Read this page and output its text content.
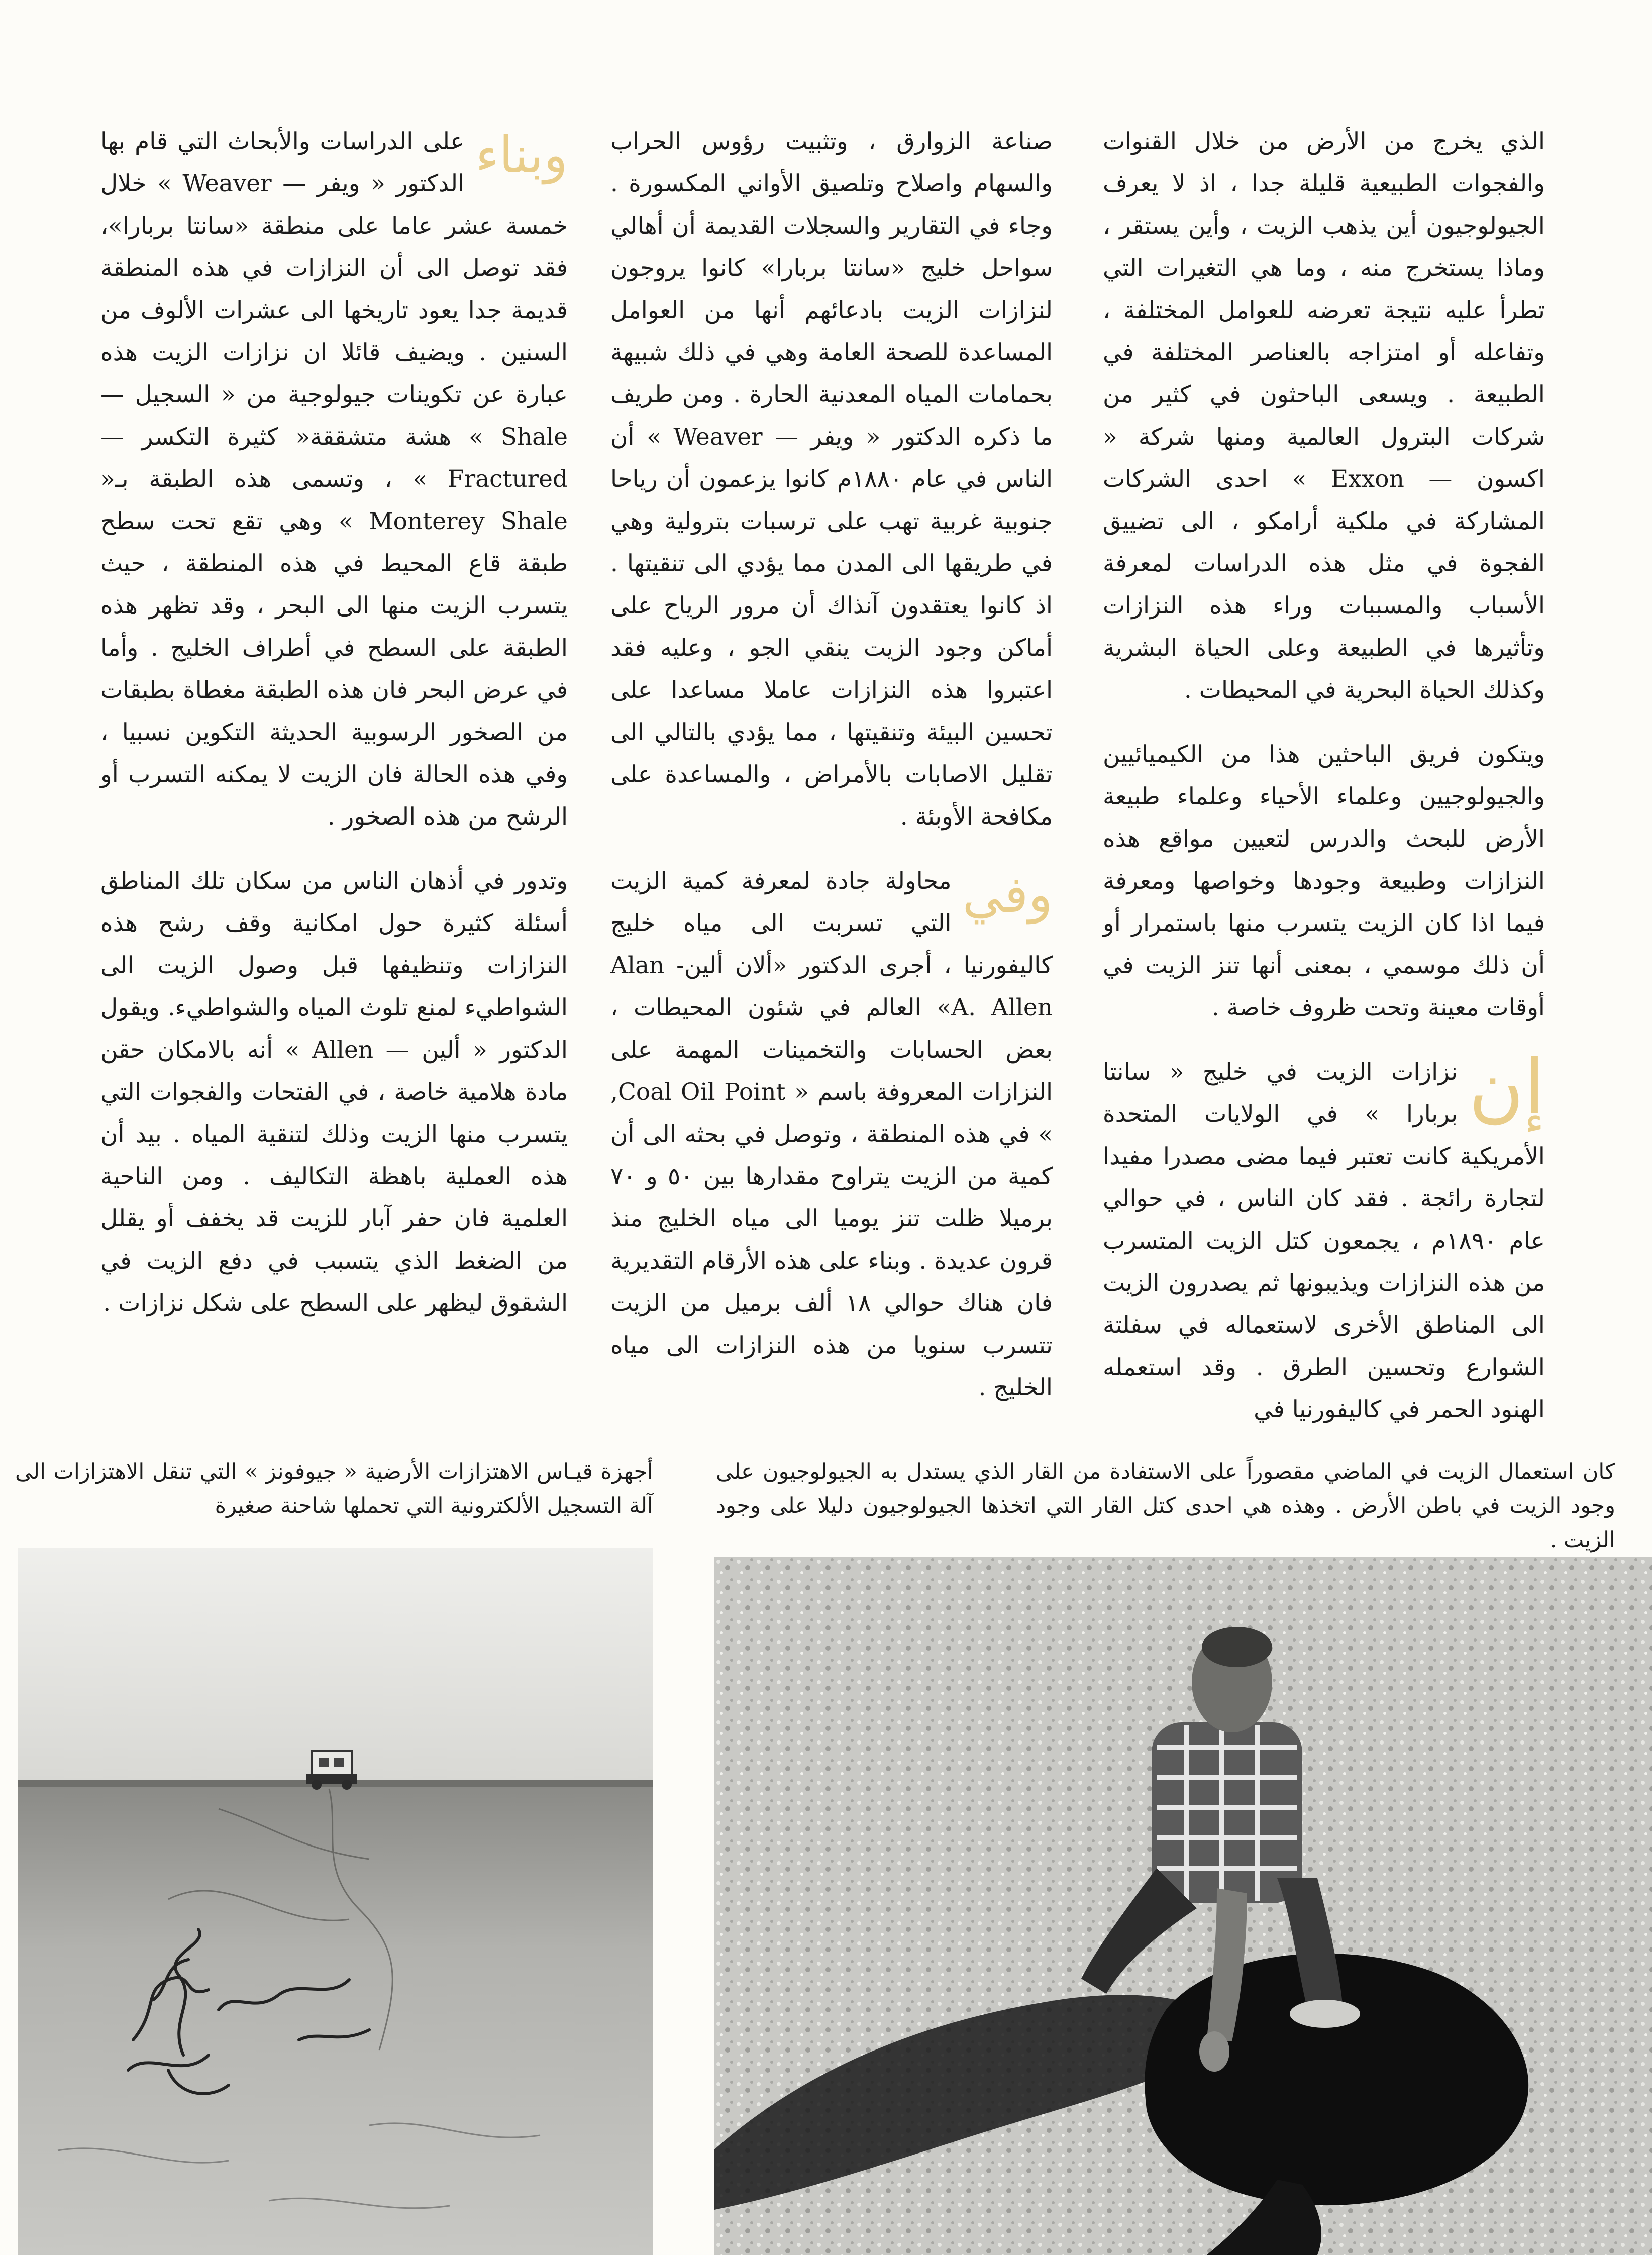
الذي يخرج من الأرض من خلال القنوات والفجوات الطبيعية قليلة جدا ، اذ لا يعرف الجيولوجيون أين يذهب الزيت ، وأين يستقر ، وماذا يستخرج منه ، وما هي التغيرات التي تطرأ عليه نتيجة تعرضه للعوامل المختلفة ، وتفاعله أو امتزاجه بالعناصر المختلفة في الطبيعة . ويسعى الباحثون في كثير من شركات البترول العالمية ومنها شركة « اكسون — Exxon » احدى الشركات المشاركة في ملكية أرامكو ، الى تضييق الفجوة في مثل هذه الدراسات لمعرفة الأسباب والمسببات وراء هذه النزازات وتأثيرها في الطبيعة وعلى الحياة البشرية وكذلك الحياة البحرية في المحيطات .

ويتكون فريق الباحثين هذا من الكيميائيين والجيولوجيين وعلماء الأحياء وعلماء طبيعة الأرض للبحث والدرس لتعيين مواقع هذه النزازات وطبيعة وجودها وخواصها ومعرفة فيما اذا كان الزيت يتسرب منها باستمرار أو أن ذلك موسمي ، بمعنى أنها تنز الزيت في أوقات معينة وتحت ظروف خاصة .

إن
نزازات الزيت في خليج « سانتا بربارا » في الولايات المتحدة الأمريكية كانت تعتبر فيما مضى مصدرا مفيدا لتجارة رائجة . فقد كان الناس ، في حوالي عام ١٨٩٠م ، يجمعون كتل الزيت المتسرب من هذه النزازات ويذيبونها ثم يصدرون الزيت الى المناطق الأخرى لاستعماله في سفلتة الشوارع وتحسين الطرق . وقد استعمله الهنود الحمر في كاليفورنيا في

صناعة الزوارق ، وتثبيت رؤوس الحراب والسهام واصلاح وتلصيق الأواني المكسورة . وجاء في التقارير والسجلات القديمة أن أهالي سواحل خليج «سانتا بربارا» كانوا يروجون لنزازات الزيت بادعائهم أنها من العوامل المساعدة للصحة العامة وهي في ذلك شبيهة بحمامات المياه المعدنية الحارة . ومن طريف ما ذكره الدكتور « ويفر — Weaver » أن الناس في عام ١٨٨٠م كانوا يزعمون أن رياحا جنوبية غربية تهب على ترسبات بترولية وهي في طريقها الى المدن مما يؤدي الى تنقيتها . اذ كانوا يعتقدون آنذاك أن مرور الرياح على أماكن وجود الزيت ينقي الجو ، وعليه فقد اعتبروا هذه النزازات عاملا مساعدا على تحسين البيئة وتنقيتها ، مما يؤدي بالتالي الى تقليل الاصابات بالأمراض ، والمساعدة على مكافحة الأوبئة .

وفي
محاولة جادة لمعرفة كمية الزيت التي تسربت الى مياه خليج كاليفورنيا ، أجرى الدكتور «ألان ألين- Alan A. Allen» العالم في شئون المحيطات ، بعض الحسابات والتخمينات المهمة على النزازات المعروفة باسم « Coal Oil Point, » في هذه المنطقة ، وتوصل في بحثه الى أن كمية من الزيت يتراوح مقدارها بين ٥٠ و ٧٠ برميلا ظلت تنز يوميا الى مياه الخليج منذ قرون عديدة . وبناء على هذه الأرقام التقديرية فان هناك حوالي ١٨ ألف برميل من الزيت تتسرب سنويا من هذه النزازات الى مياه الخليج .

وبناء
على الدراسات والأبحاث التي قام بها الدكتور « ويفر — Weaver » خلال خمسة عشر عاما على منطقة «سانتا بربارا»، فقد توصل الى أن النزازات في هذه المنطقة قديمة جدا يعود تاريخها الى عشرات الألوف من السنين . ويضيف قائلا ان نزازات الزيت هذه عبارة عن تكوينات جيولوجية من « السجيل — Shale » هشة متشققة« كثيرة التكسر — Fractured » ، وتسمى هذه الطبقة بـ« Monterey Shale » وهي تقع تحت سطح طبقة قاع المحيط في هذه المنطقة ، حيث يتسرب الزيت منها الى البحر ، وقد تظهر هذه الطبقة على السطح في أطراف الخليج . وأما في عرض البحر فان هذه الطبقة مغطاة بطبقات من الصخور الرسوبية الحديثة التكوين نسبيا ، وفي هذه الحالة فان الزيت لا يمكنه التسرب أو الرشح من هذه الصخور .

وتدور في أذهان الناس من سكان تلك المناطق أسئلة كثيرة حول امكانية وقف رشح هذه النزازات وتنظيفها قبل وصول الزيت الى الشواطيء لمنع تلوث المياه والشواطيء. ويقول الدكتور « ألين — Allen » أنه بالامكان حقن مادة هلامية خاصة ، في الفتحات والفجوات التي يتسرب منها الزيت وذلك لتنقية المياه . بيد أن هذه العملية باهظة التكاليف . ومن الناحية العلمية فان حفر آبار للزيت قد يخفف أو يقلل من الضغط الذي يتسبب في دفع الزيت في الشقوق ليظهر على السطح على شكل نزازات .

كان استعمال الزيت في الماضي مقصوراً على الاستفادة من القار الذي يستدل به الجيولوجيون على وجود الزيت في باطن الأرض . وهذه هي احدى كتل القار التي اتخذها الجيولوجيون دليلا على وجود الزيت .
أجهزة قيـاس الاهتزازات الأرضية « جيوفونز » التي تنقل الاهتزازات الى آلة التسجيل الألكترونية التي تحملها شاحنة صغيرة
